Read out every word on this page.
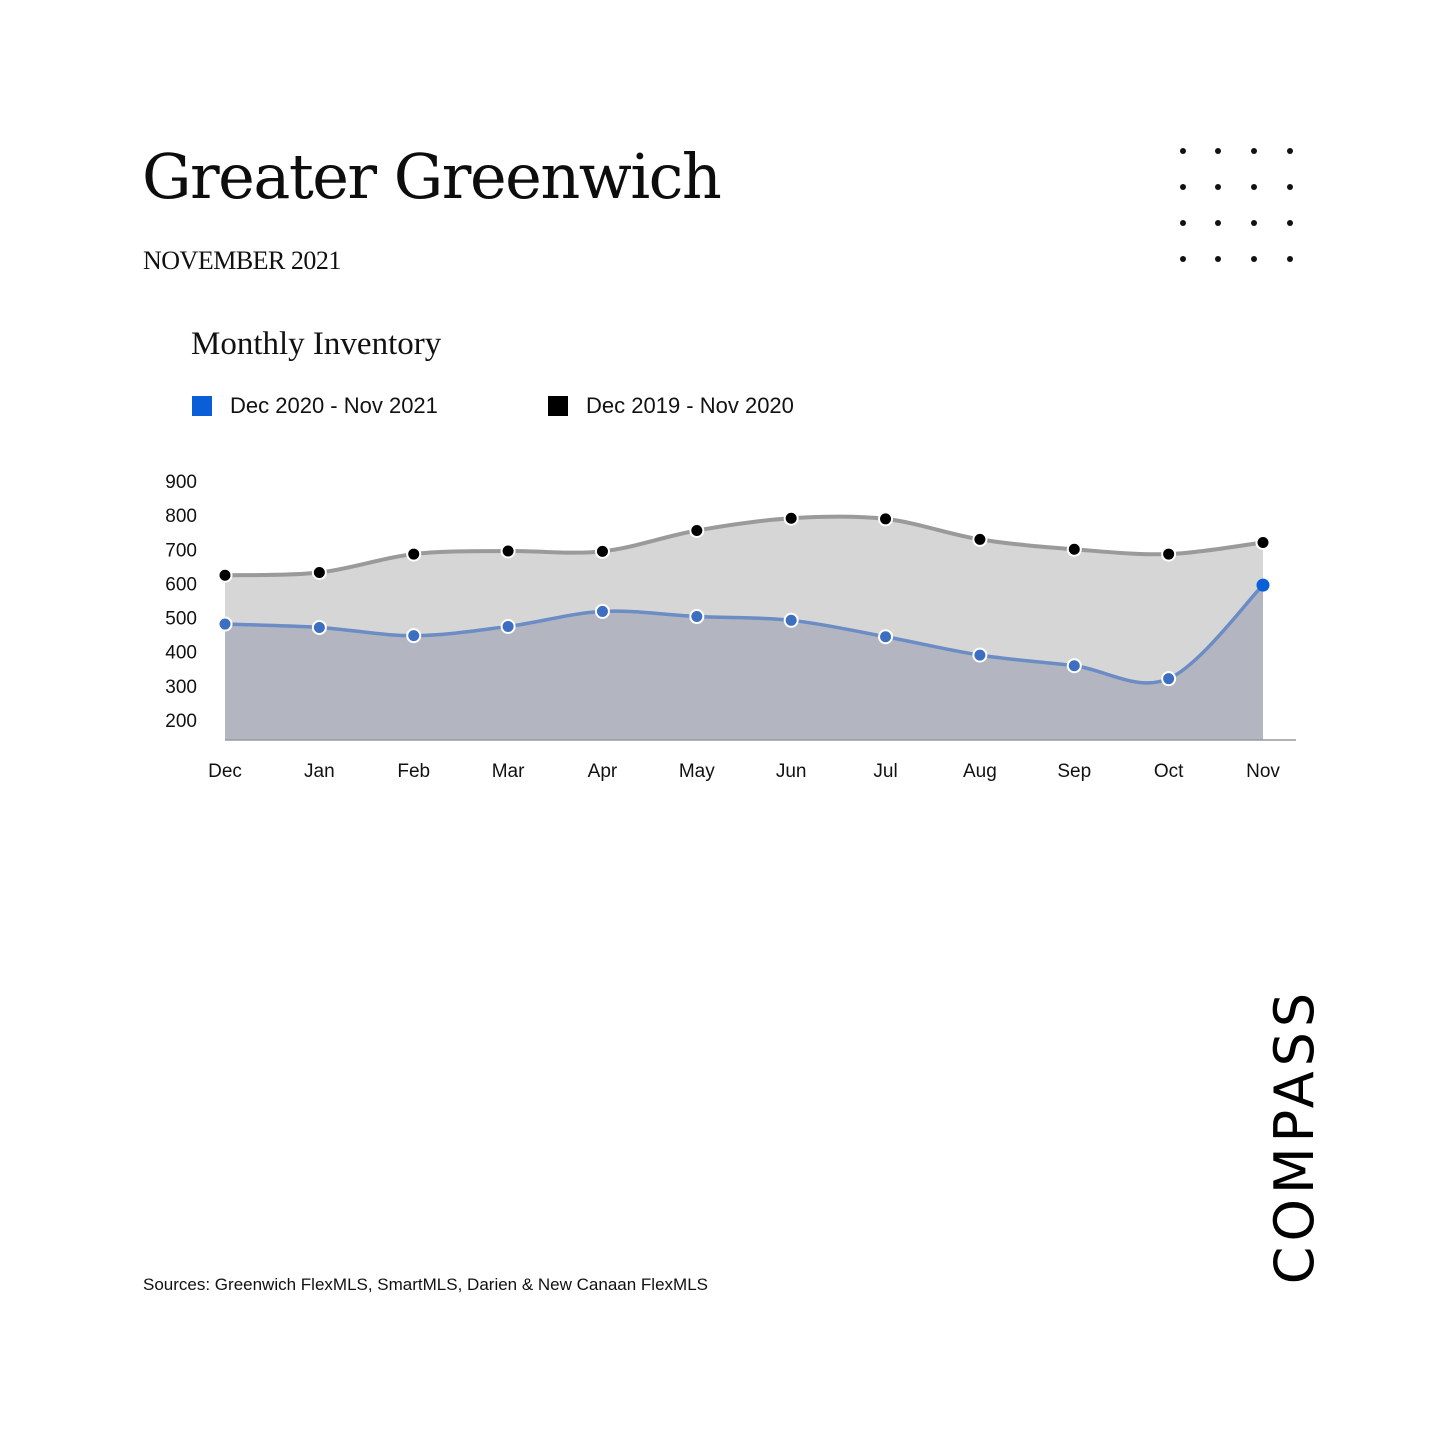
Greater Greenwich
NOVEMBER 2021
Monthly Inventory
Dec 2020 - Nov 2021	Dec 2019 - Nov 2020
200
300
400
500
600
700
800
900
Dec	Jan	Feb	Mar	Apr	May	Jun	Jul	Aug	Sep	Oct	Nov
COMPASS
Sources: Greenwich FlexMLS, SmartMLS, Darien & New Canaan FlexMLS
